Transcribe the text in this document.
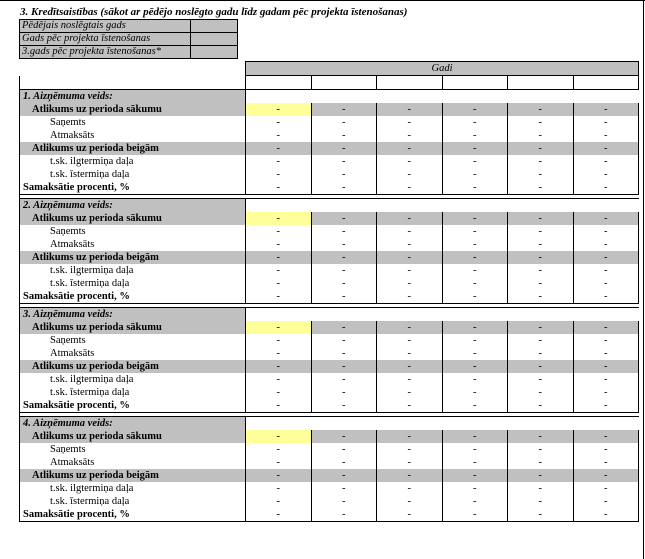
3. Kredītsaistības (sākot ar pēdējo noslēgto gadu līdz gadam pēc projekta īstenošanas)
Pēdējais noslēgtais gads	
Gads pēc projekta īstenošanas	
3.gads pēc projekta īstenošanas*	
	Gadi					

1. Aizņēmuma veids:						
Atlikums uz perioda sākumu	-	-	-	-	-	-
Saņemts	-	-	-	-	-	-
Atmaksāts	-	-	-	-	-	-
Atlikums uz perioda beigām	-	-	-	-	-	-
t.sk. ilgtermiņa daļa	-	-	-	-	-	-
t.sk. īstermiņa daļa	-	-	-	-	-	-
Samaksātie procenti, %	-	-	-	-	-	-

2. Aizņēmuma veids:						
Atlikums uz perioda sākumu	-	-	-	-	-	-
Saņemts	-	-	-	-	-	-
Atmaksāts	-	-	-	-	-	-
Atlikums uz perioda beigām	-	-	-	-	-	-
t.sk. ilgtermiņa daļa	-	-	-	-	-	-
t.sk. īstermiņa daļa	-	-	-	-	-	-
Samaksātie procenti, %	-	-	-	-	-	-

3. Aizņēmuma veids:						
Atlikums uz perioda sākumu	-	-	-	-	-	-
Saņemts	-	-	-	-	-	-
Atmaksāts	-	-	-	-	-	-
Atlikums uz perioda beigām	-	-	-	-	-	-
t.sk. ilgtermiņa daļa	-	-	-	-	-	-
t.sk. īstermiņa daļa	-	-	-	-	-	-
Samaksātie procenti, %	-	-	-	-	-	-

4. Aizņēmuma veids:						
Atlikums uz perioda sākumu	-	-	-	-	-	-
Saņemts	-	-	-	-	-	-
Atmaksāts	-	-	-	-	-	-
Atlikums uz perioda beigām	-	-	-	-	-	-
t.sk. ilgtermiņa daļa	-	-	-	-	-	-
t.sk. īstermiņa daļa	-	-	-	-	-	-
Samaksātie procenti, %	-	-	-	-	-	-
